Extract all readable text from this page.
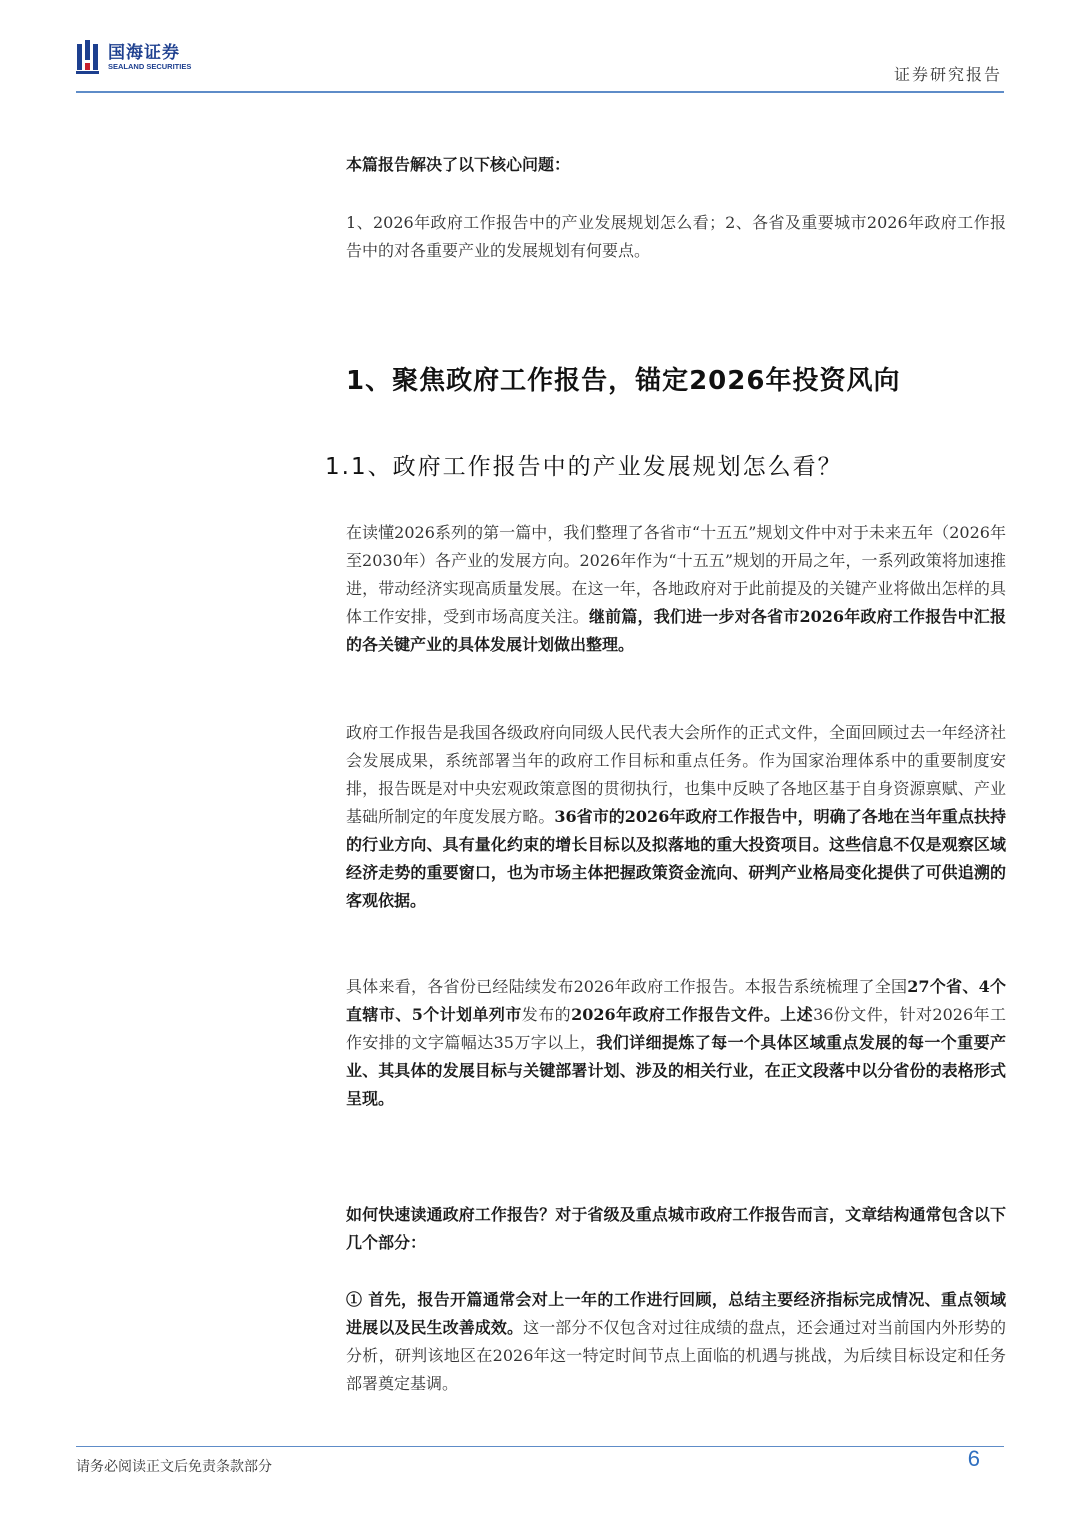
国海证券
SEALAND SECURITIES	证券研究报告
本篇报告解决了以下核心问题：
1、2026年政府工作报告中的产业发展规划怎么看；2、各省及重要城市2026年政府工作报告中的对各重要产业的发展规划有何要点。
1、聚焦政府工作报告，锚定2026年投资风向
1.1、政府工作报告中的产业发展规划怎么看？
在读懂2026系列的第一篇中，我们整理了各省市“十五五”规划文件中对于未来五年（2026年至2030年）各产业的发展方向。2026年作为“十五五”规划的开局之年，一系列政策将加速推进，带动经济实现高质量发展。在这一年，各地政府对于此前提及的关键产业将做出怎样的具体工作安排，受到市场高度关注。继前篇，我们进一步对各省市2026年政府工作报告中汇报的各关键产业的具体发展计划做出整理。
政府工作报告是我国各级政府向同级人民代表大会所作的正式文件，全面回顾过去一年经济社会发展成果，系统部署当年的政府工作目标和重点任务。作为国家治理体系中的重要制度安排，报告既是对中央宏观政策意图的贯彻执行，也集中反映了各地区基于自身资源禀赋、产业基础所制定的年度发展方略。36省市的2026年政府工作报告中，明确了各地在当年重点扶持的行业方向、具有量化约束的增长目标以及拟落地的重大投资项目。这些信息不仅是观察区域经济走势的重要窗口，也为市场主体把握政策资金流向、研判产业格局变化提供了可供追溯的客观依据。
具体来看，各省份已经陆续发布2026年政府工作报告。本报告系统梳理了全国27个省、4个直辖市、5个计划单列市发布的2026年政府工作报告文件。上述36份文件，针对2026年工作安排的文字篇幅达35万字以上，我们详细提炼了每一个具体区域重点发展的每一个重要产业、其具体的发展目标与关键部署计划、涉及的相关行业，在正文段落中以分省份的表格形式呈现。
如何快速读通政府工作报告？对于省级及重点城市政府工作报告而言，文章结构通常包含以下几个部分：
① 首先，报告开篇通常会对上一年的工作进行回顾，总结主要经济指标完成情况、重点领域进展以及民生改善成效。这一部分不仅包含对过往成绩的盘点，还会通过对当前国内外形势的分析，研判该地区在2026年这一特定时间节点上面临的机遇与挑战，为后续目标设定和任务部署奠定基调。
请务必阅读正文后免责条款部分	6
